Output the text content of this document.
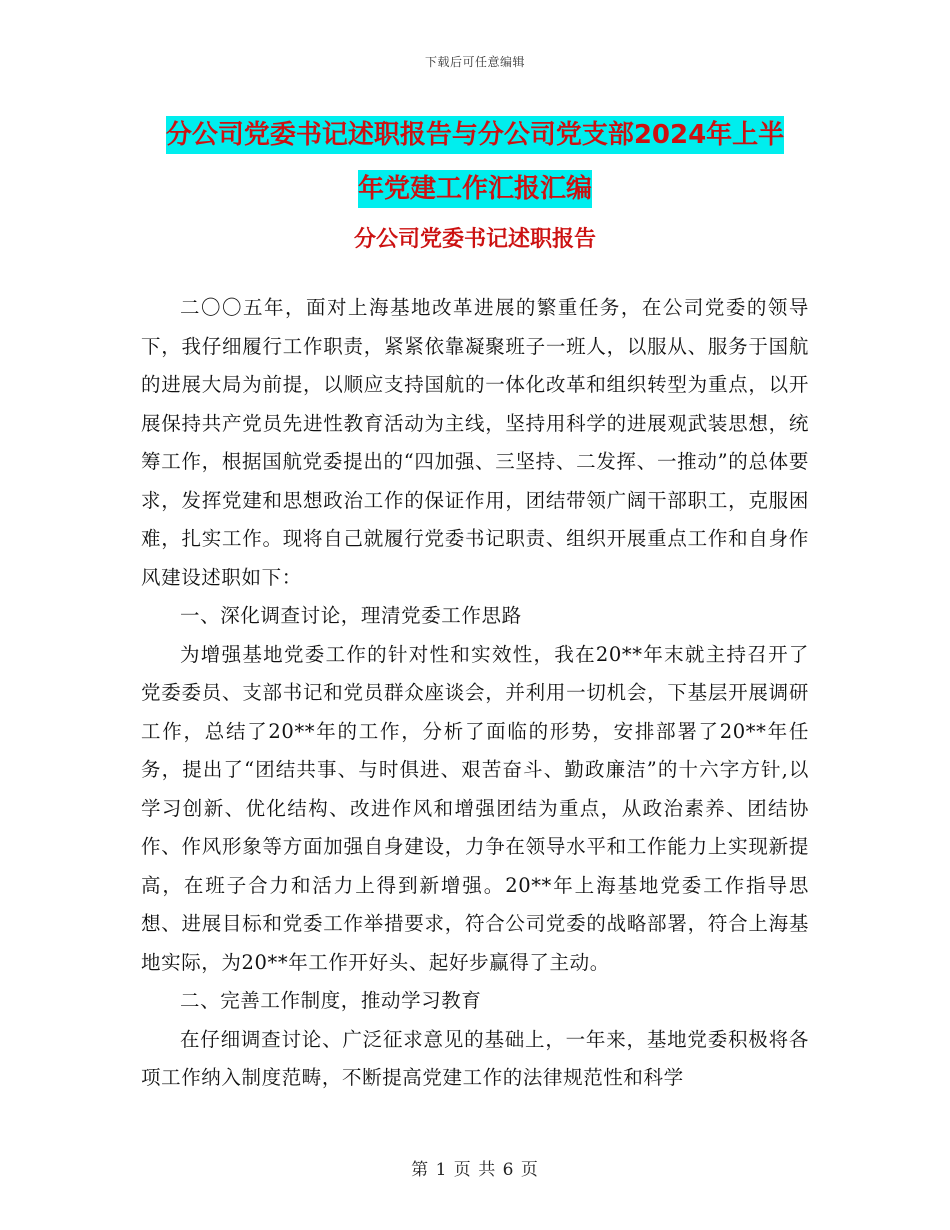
下载后可任意编辑
分公司党委书记述职报告与分公司党支部2024年上半
年党建工作汇报汇编
分公司党委书记述职报告

二〇〇五年，面对上海基地改革进展的繁重任务，在公司党委的领导下，我仔细履行工作职责，紧紧依靠凝聚班子一班人，以服从、服务于国航的进展大局为前提，以顺应支持国航的一体化改革和组织转型为重点，以开展保持共产党员先进性教育活动为主线，坚持用科学的进展观武装思想，统筹工作，根据国航党委提出的“四加强、三坚持、二发挥、一推动”的总体要求，发挥党建和思想政治工作的保证作用，团结带领广阔干部职工，克服困难，扎实工作。现将自己就履行党委书记职责、组织开展重点工作和自身作风建设述职如下：

一、深化调查讨论，理清党委工作思路

为增强基地党委工作的针对性和实效性，我在20**年末就主持召开了党委委员、支部书记和党员群众座谈会，并利用一切机会，下基层开展调研工作，总结了20**年的工作，分析了面临的形势，安排部署了20**年任务，提出了“团结共事、与时俱进、艰苦奋斗、勤政廉洁”的十六字方针,以学习创新、优化结构、改进作风和增强团结为重点，从政治素养、团结协作、作风形象等方面加强自身建设，力争在领导水平和工作能力上实现新提高，在班子合力和活力上得到新增强。20**年上海基地党委工作指导思想、进展目标和党委工作举措要求，符合公司党委的战略部署，符合上海基地实际，为20**年工作开好头、起好步赢得了主动。

二、完善工作制度，推动学习教育

在仔细调查讨论、广泛征求意见的基础上，一年来，基地党委积极将各项工作纳入制度范畴，不断提高党建工作的法律规范性和科学

第 1 页 共 6 页
